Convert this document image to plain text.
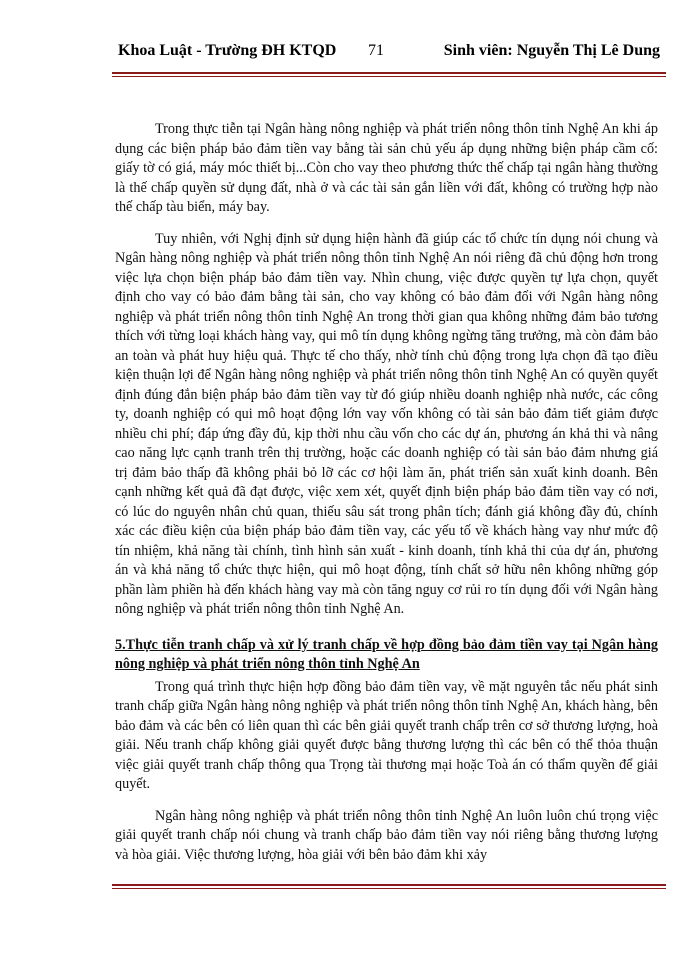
Khoa Luật - Trường ĐH KTQD 71	Sinh viên: Nguyễn Thị Lê Dung

Trong thực tiễn tại Ngân hàng nông nghiệp và phát triển nông thôn tỉnh Nghệ An khi áp dụng các biện pháp bảo đảm tiền vay bằng tài sản chủ yếu áp dụng những biện pháp cầm cố: giấy tờ có giá, máy móc thiết bị...Còn cho vay theo phương thức thế chấp tại ngân hàng thường là thế chấp quyền sử dụng đất, nhà ở và các tài sản gắn liền với đất, không có trường hợp nào thế chấp tàu biển, máy bay.

Tuy nhiên, với Nghị định sử dụng hiện hành đã giúp các tổ chức tín dụng nói chung và Ngân hàng nông nghiệp và phát triển nông thôn tỉnh Nghệ An nói riêng đã chủ động hơn trong việc lựa chọn biện pháp bảo đảm tiền vay. Nhìn chung, việc được quyền tự lựa chọn, quyết định cho vay có bảo đảm bằng tài sản, cho vay không có bảo đảm đối với Ngân hàng nông nghiệp và phát triển nông thôn tỉnh Nghệ An trong thời gian qua không những đảm bảo tương thích với từng loại khách hàng vay, qui mô tín dụng không ngừng tăng trưởng, mà còn đảm bảo an toàn và phát huy hiệu quả. Thực tế cho thấy, nhờ tính chủ động trong lựa chọn đã tạo điều kiện thuận lợi để Ngân hàng nông nghiệp và phát triển nông thôn tỉnh Nghệ An có quyền quyết định đúng đắn biện pháp bảo đảm tiền vay từ đó giúp nhiều doanh nghiệp nhà nước, các công ty, doanh nghiệp có qui mô hoạt động lớn vay vốn không có tài sản bảo đảm tiết giảm được nhiều chi phí; đáp ứng đầy đủ, kịp thời nhu cầu vốn cho các dự án, phương án khả thi và nâng cao năng lực cạnh tranh trên thị trường, hoặc các doanh nghiệp có tài sản bảo đảm nhưng giá trị đảm bảo thấp đã không phải bỏ lỡ các cơ hội làm ăn, phát triển sản xuất kinh doanh. Bên cạnh những kết quả đã đạt được, việc xem xét, quyết định biện pháp bảo đảm tiền vay có nơi, có lúc do nguyên nhân chủ quan, thiếu sâu sát trong phân tích; đánh giá không đầy đủ, chính xác các điều kiện của biện pháp bảo đảm tiền vay, các yếu tố về khách hàng vay như mức độ tín nhiệm, khả năng tài chính, tình hình sản xuất - kinh doanh, tính khả thi của dự án, phương án và khả năng tổ chức thực hiện, qui mô hoạt động, tính chất sở hữu nên không những góp phần làm phiền hà đến khách hàng vay mà còn tăng nguy cơ rủi ro tín dụng đối với Ngân hàng nông nghiệp và phát triển nông thôn tỉnh Nghệ An.

5.Thực tiễn tranh chấp và xử lý tranh chấp về hợp đồng bảo đảm tiền vay tại Ngân hàng nông nghiệp và phát triển nông thôn tỉnh Nghệ An

Trong quá trình thực hiện hợp đồng bảo đảm tiền vay, về mặt nguyên tắc nếu phát sinh tranh chấp giữa Ngân hàng nông nghiệp và phát triển nông thôn tỉnh Nghệ An, khách hàng, bên bảo đảm và các bên có liên quan thì các bên giải quyết tranh chấp trên cơ sở thương lượng, hoà giải. Nếu tranh chấp không giải quyết được bằng thương lượng thì các bên có thể thỏa thuận việc giải quyết tranh chấp thông qua Trọng tài thương mại hoặc Toà án có thẩm quyền để giải quyết.

Ngân hàng nông nghiệp và phát triển nông thôn tỉnh Nghệ An luôn luôn chú trọng việc giải quyết tranh chấp nói chung và tranh chấp bảo đảm tiền vay nói riêng bằng thương lượng và hòa giải. Việc thương lượng, hòa giải với bên bảo đảm khi xảy
